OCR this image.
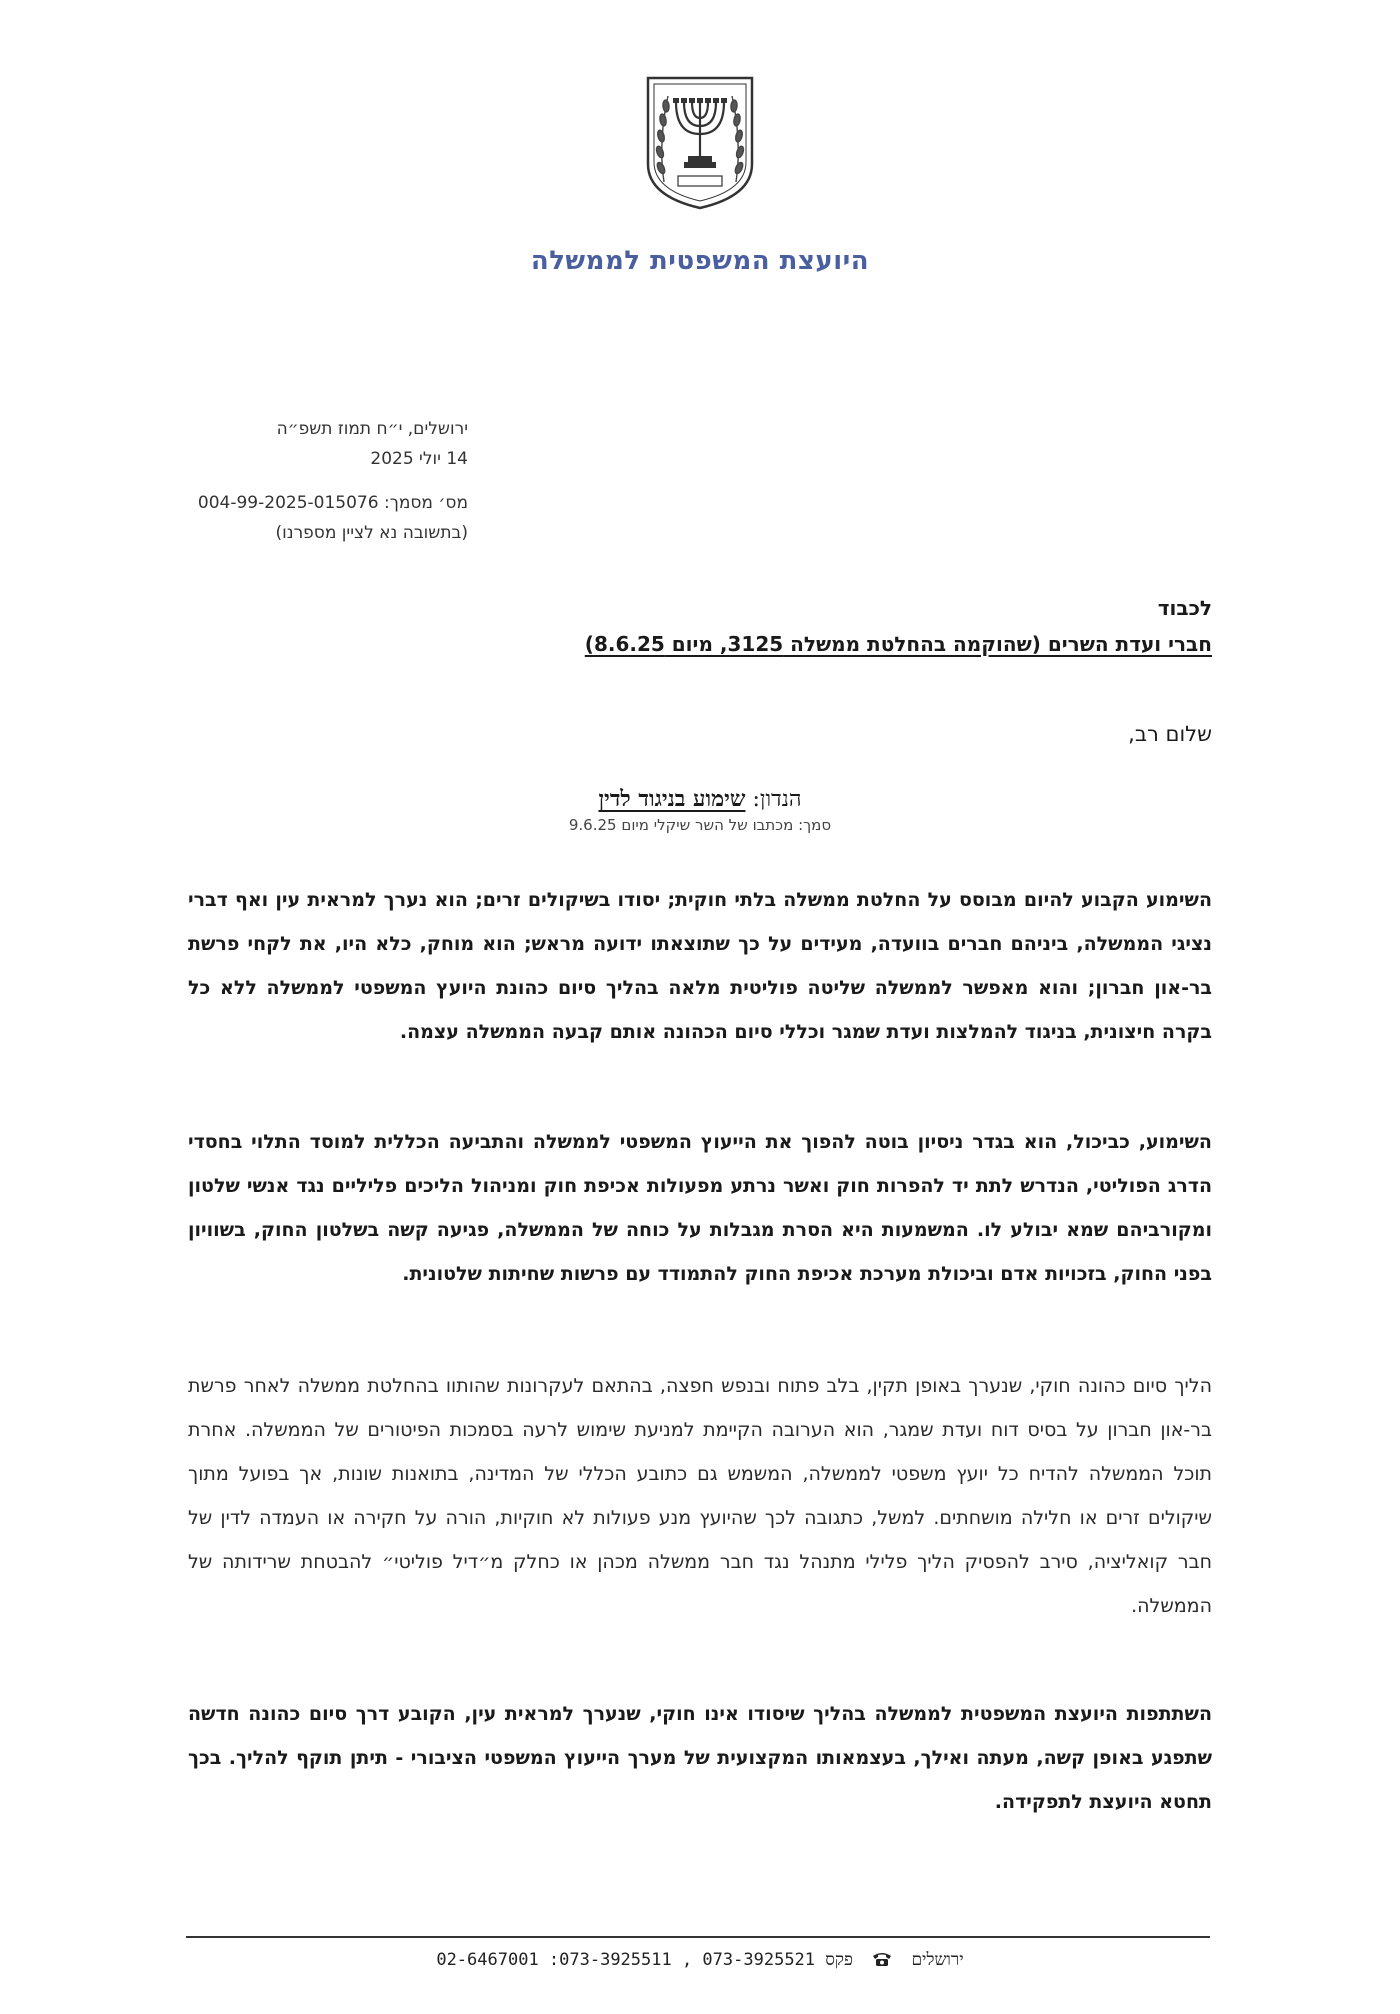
היועצת המשפטית לממשלה
ירושלים, י״ח תמוז תשפ״ה
14 יולי 2025
מס׳ מסמך: 004-99-2025-015076
(בתשובה נא לציין מספרנו)
לכבוד
חברי ועדת השרים (שהוקמה בהחלטת ממשלה 3125, מיום 8.6.25)
שלום רב,
הנדון: שימוע בניגוד לדין
סמך: מכתבו של השר שיקלי מיום 9.6.25
השימוע הקבוע להיום מבוסס על החלטת ממשלה בלתי חוקית; יסודו בשיקולים זרים; הוא נערך למראית עין ואף דברי נציגי הממשלה, ביניהם חברים בוועדה, מעידים על כך שתוצאתו ידועה מראש; הוא מוחק, כלא היו, את לקחי פרשת בר-און חברון; והוא מאפשר לממשלה שליטה פוליטית מלאה בהליך סיום כהונת היועץ המשפטי לממשלה ללא כל בקרה חיצונית, בניגוד להמלצות ועדת שמגר וכללי סיום הכהונה אותם קבעה הממשלה עצמה.
השימוע, כביכול, הוא בגדר ניסיון בוטה להפוך את הייעוץ המשפטי לממשלה והתביעה הכללית למוסד התלוי בחסדי הדרג הפוליטי, הנדרש לתת יד להפרות חוק ואשר נרתע מפעולות אכיפת חוק ומניהול הליכים פליליים נגד אנשי שלטון ומקורביהם שמא יבולע לו. המשמעות היא הסרת מגבלות על כוחה של הממשלה, פגיעה קשה בשלטון החוק, בשוויון בפני החוק, בזכויות אדם וביכולת מערכת אכיפת החוק להתמודד עם פרשות שחיתות שלטונית.
הליך סיום כהונה חוקי, שנערך באופן תקין, בלב פתוח ובנפש חפצה, בהתאם לעקרונות שהותוו בהחלטת ממשלה לאחר פרשת בר-און חברון על בסיס דוח ועדת שמגר, הוא הערובה הקיימת למניעת שימוש לרעה בסמכות הפיטורים של הממשלה. אחרת תוכל הממשלה להדיח כל יועץ משפטי לממשלה, המשמש גם כתובע הכללי של המדינה, בתואנות שונות, אך בפועל מתוך שיקולים זרים או חלילה מושחתים. למשל, כתגובה לכך שהיועץ מנע פעולות לא חוקיות, הורה על חקירה או העמדה לדין של חבר קואליציה, סירב להפסיק הליך פלילי מתנהל נגד חבר ממשלה מכהן או כחלק מ״דיל פוליטי״ להבטחת שרידותה של הממשלה.
השתתפות היועצת המשפטית לממשלה בהליך שיסודו אינו חוקי, שנערך למראית עין, הקובע דרך סיום כהונה חדשה שתפגע באופן קשה, מעתה ואילך, בעצמאותו המקצועית של מערך הייעוץ המשפטי הציבורי - תיתן תוקף להליך. בכך תחטא היועצת לתפקידה.
ירושלים  02-6467001 :073-3925511 , 073-3925521 פקס
